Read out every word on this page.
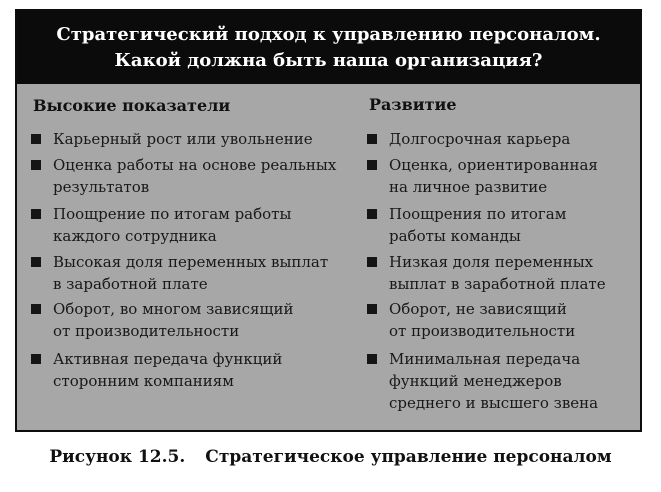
Стратегический подход к управлению персоналом.
Какой должна быть наша организация?
Высокие показатели
Карьерный рост или увольнение
Оценка работы на основе реальных
результатов
Поощрение по итогам работы
каждого сотрудника
Высокая доля переменных выплат
в заработной плате
Оборот, во многом зависящий
от производительности
Активная передача функций
сторонним компаниям
Развитие
Долгосрочная карьера
Оценка, ориентированная
на личное развитие
Поощрения по итогам
работы команды
Низкая доля переменных
выплат в заработной плате
Оборот, не зависящий
от производительности
Минимальная передача
функций менеджеров
среднего и высшего звена
Рисунок 12.5. Стратегическое управление персоналом
